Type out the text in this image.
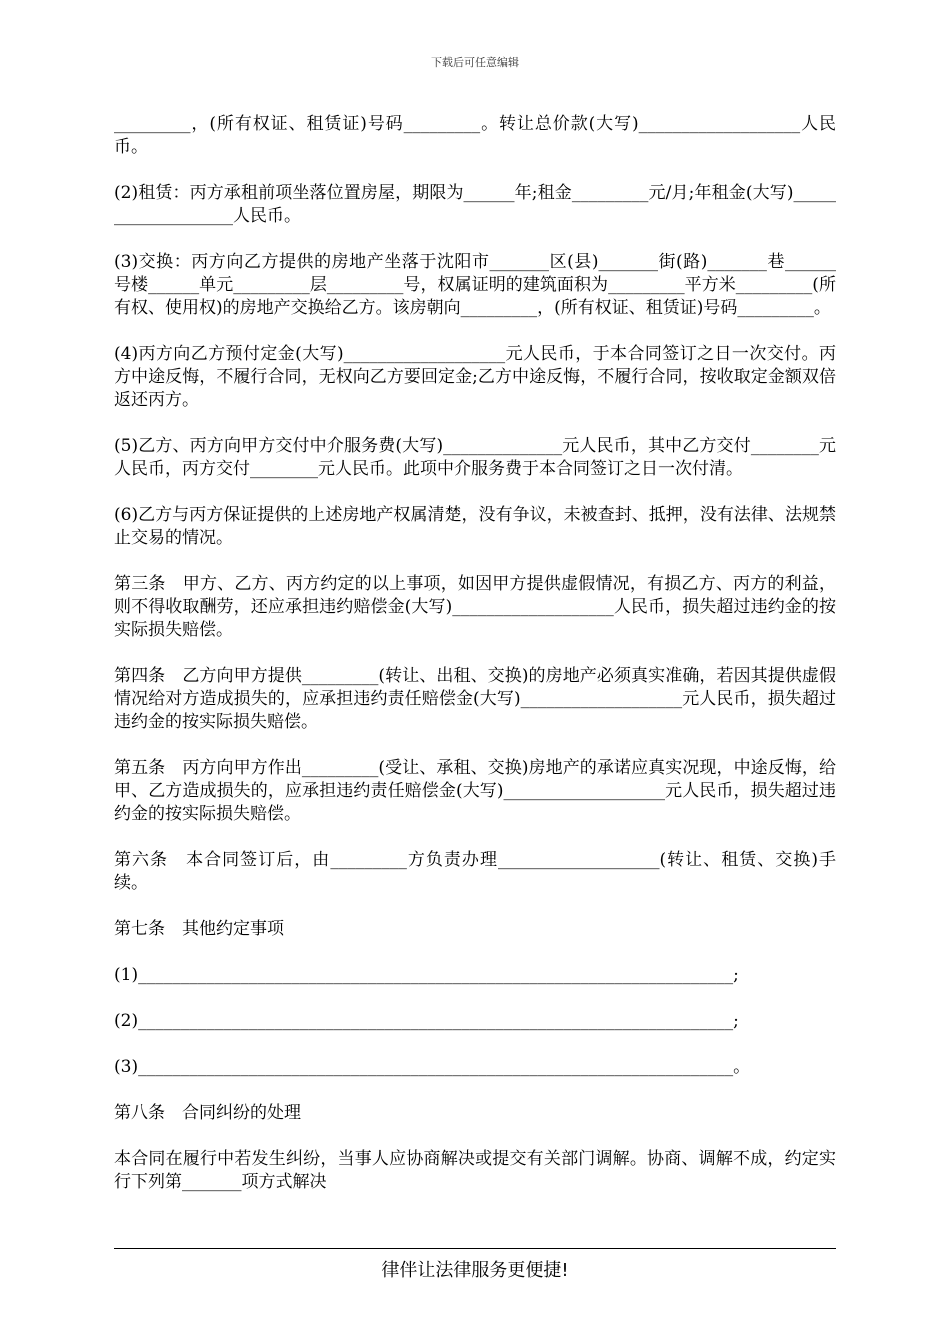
下载后可任意编辑

_________，(所有权证、租赁证)号码_________。转让总价款(大写)___________________人民币。

(2)租赁：丙方承租前项坐落位置房屋，期限为______年;租金_________元/月;年租金(大写)___________________人民币。

(3)交换：丙方向乙方提供的房地产坐落于沈阳市_______区(县)_______街(路)_______巷______号楼______单元_________层_________号，权属证明的建筑面积为_________平方米_________(所有权、使用权)的房地产交换给乙方。该房朝向_________，(所有权证、租赁证)号码_________。

(4)丙方向乙方预付定金(大写)___________________元人民币，于本合同签订之日一次交付。丙方中途反悔，不履行合同，无权向乙方要回定金;乙方中途反悔，不履行合同，按收取定金额双倍返还丙方。

(5)乙方、丙方向甲方交付中介服务费(大写)______________元人民币，其中乙方交付________元人民币，丙方交付________元人民币。此项中介服务费于本合同签订之日一次付清。

(6)乙方与丙方保证提供的上述房地产权属清楚，没有争议，未被查封、抵押，没有法律、法规禁止交易的情况。

第三条　甲方、乙方、丙方约定的以上事项，如因甲方提供虚假情况，有损乙方、丙方的利益，则不得收取酬劳，还应承担违约赔偿金(大写)___________________人民币，损失超过违约金的按实际损失赔偿。

第四条　乙方向甲方提供_________(转让、出租、交换)的房地产必须真实准确，若因其提供虚假情况给对方造成损失的，应承担违约责任赔偿金(大写)___________________元人民币，损失超过违约金的按实际损失赔偿。

第五条　丙方向甲方作出_________(受让、承租、交换)房地产的承诺应真实况现，中途反悔，给甲、乙方造成损失的，应承担违约责任赔偿金(大写)___________________元人民币，损失超过违约金的按实际损失赔偿。

第六条　本合同签订后，由_________方负责办理___________________(转让、租赁、交换)手续。

第七条　其他约定事项

(1)______________________________________________________________________;

(2)______________________________________________________________________;

(3)______________________________________________________________________。

第八条　合同纠纷的处理

本合同在履行中若发生纠纷，当事人应协商解决或提交有关部门调解。协商、调解不成，约定实行下列第_______项方式解决

律伴让法律服务更便捷!
